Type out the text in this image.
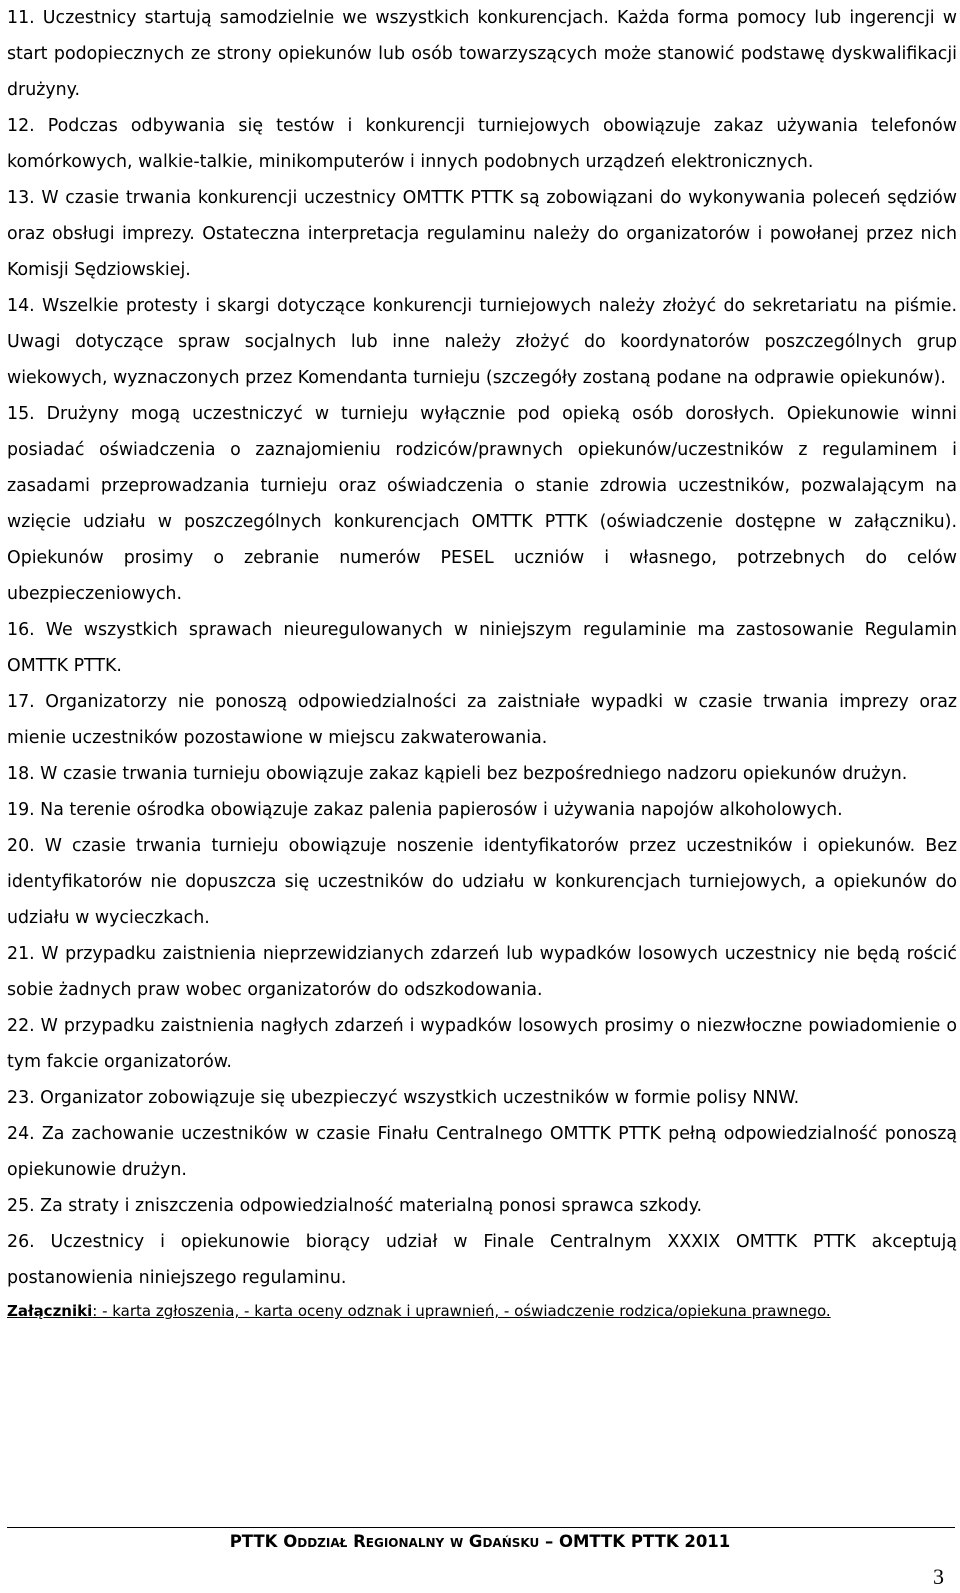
11. Uczestnicy startują samodzielnie we wszystkich konkurencjach. Każda forma pomocy lub ingerencji w start podopiecznych ze strony opiekunów lub osób towarzyszących może stanowić podstawę dyskwalifikacji drużyny.

12. Podczas odbywania się testów i konkurencji turniejowych obowiązuje zakaz używania telefonów komórkowych, walkie-talkie, minikomputerów i innych podobnych urządzeń elektronicznych.

13. W czasie trwania konkurencji uczestnicy OMTTK PTTK są zobowiązani do wykonywania poleceń sędziów oraz obsługi imprezy. Ostateczna interpretacja regulaminu należy do organizatorów i powołanej przez nich Komisji Sędziowskiej.

14. Wszelkie protesty i skargi dotyczące konkurencji turniejowych należy złożyć do sekretariatu na piśmie. Uwagi dotyczące spraw socjalnych lub inne należy złożyć do koordynatorów poszczególnych grup wiekowych, wyznaczonych przez Komendanta turnieju (szczegóły zostaną podane na odprawie opiekunów).

15. Drużyny mogą uczestniczyć w turnieju wyłącznie pod opieką osób dorosłych. Opiekunowie winni posiadać oświadczenia o zaznajomieniu rodziców/prawnych opiekunów/uczestników z regulaminem i zasadami przeprowadzania turnieju oraz oświadczenia o stanie zdrowia uczestników, pozwalającym na wzięcie udziału w poszczególnych konkurencjach OMTTK PTTK (oświadczenie dostępne w załączniku). Opiekunów prosimy o zebranie numerów PESEL uczniów i własnego, potrzebnych do celów ubezpieczeniowych.

16. We wszystkich sprawach nieuregulowanych w niniejszym regulaminie ma zastosowanie Regulamin OMTTK PTTK.

17. Organizatorzy nie ponoszą odpowiedzialności za zaistniałe wypadki w czasie trwania imprezy oraz mienie uczestników pozostawione w miejscu zakwaterowania.

18. W czasie trwania turnieju obowiązuje zakaz kąpieli bez bezpośredniego nadzoru opiekunów drużyn.

19. Na terenie ośrodka obowiązuje zakaz palenia papierosów i używania napojów alkoholowych.

20. W czasie trwania turnieju obowiązuje noszenie identyfikatorów przez uczestników i opiekunów. Bez identyfikatorów nie dopuszcza się uczestników do udziału w konkurencjach turniejowych, a opiekunów do udziału w wycieczkach.

21. W przypadku zaistnienia nieprzewidzianych zdarzeń lub wypadków losowych uczestnicy nie będą rościć sobie żadnych praw wobec organizatorów do odszkodowania.

22. W przypadku zaistnienia nagłych zdarzeń i wypadków losowych prosimy o niezwłoczne powiadomienie o tym fakcie organizatorów.

23. Organizator zobowiązuje się ubezpieczyć wszystkich uczestników w formie polisy NNW.

24. Za zachowanie uczestników w czasie Finału Centralnego OMTTK PTTK pełną odpowiedzialność ponoszą opiekunowie drużyn.

25. Za straty i zniszczenia odpowiedzialność materialną ponosi sprawca szkody.

26. Uczestnicy i opiekunowie biorący udział w Finale Centralnym XXXIX OMTTK PTTK akceptują postanowienia niniejszego regulaminu.

Załączniki: - karta zgłoszenia, - karta oceny odznak i uprawnień, - oświadczenie rodzica/opiekuna prawnego.

PTTK Oddział Regionalny w Gdańsku – OMTTK PTTK 2011
3
